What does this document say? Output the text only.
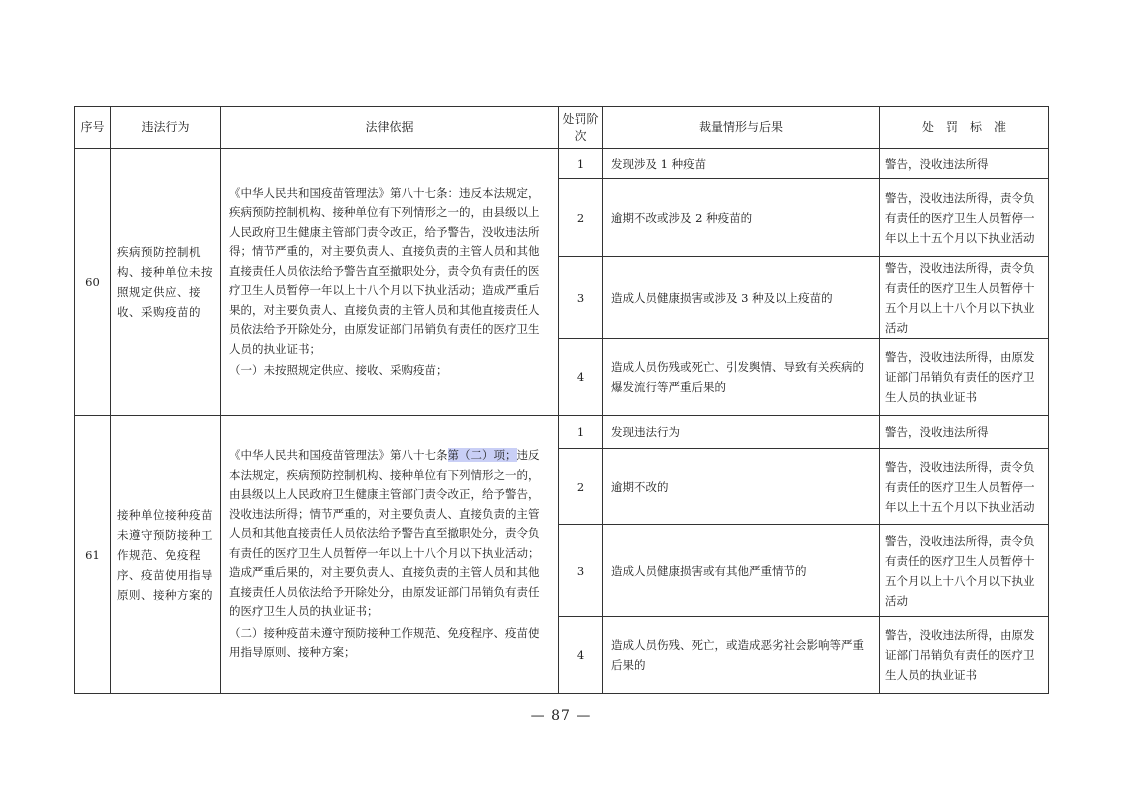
序号	违法行为	法律依据	处罚阶次	裁量情形与后果	处　罚　标　准
60	疾病预防控制机构、接种单位未按照规定供应、接收、采购疫苗的	《中华人民共和国疫苗管理法》第八十七条：违反本法规定，疾病预防控制机构、接种单位有下列情形之一的，由县级以上人民政府卫生健康主管部门责令改正，给予警告，没收违法所得；情节严重的，对主要负责人、直接负责的主管人员和其他直接责任人员依法给予警告直至撤职处分，责令负有责任的医疗卫生人员暂停一年以上十八个月以下执业活动；造成严重后果的，对主要负责人、直接负责的主管人员和其他直接责任人员依法给予开除处分，由原发证部门吊销负有责任的医疗卫生人员的执业证书；
（一）未按照规定供应、接收、采购疫苗；	1	发现涉及 1 种疫苗	警告，没收违法所得
			2	逾期不改或涉及 2 种疫苗的	警告，没收违法所得，责令负有责任的医疗卫生人员暂停一年以上十五个月以下执业活动
			3	造成人员健康损害或涉及 3 种及以上疫苗的	警告，没收违法所得，责令负有责任的医疗卫生人员暂停十五个月以上十八个月以下执业活动
			4	造成人员伤残或死亡、引发舆情、导致有关疾病的爆发流行等严重后果的	警告，没收违法所得，由原发证部门吊销负有责任的医疗卫生人员的执业证书
61	接种单位接种疫苗未遵守预防接种工作规范、免疫程序、疫苗使用指导原则、接种方案的	《中华人民共和国疫苗管理法》第八十七条第（二）项；违反本法规定，疾病预防控制机构、接种单位有下列情形之一的，由县级以上人民政府卫生健康主管部门责令改正，给予警告，没收违法所得；情节严重的，对主要负责人、直接负责的主管人员和其他直接责任人员依法给予警告直至撤职处分，责令负有责任的医疗卫生人员暂停一年以上十八个月以下执业活动；造成严重后果的，对主要负责人、直接负责的主管人员和其他直接责任人员依法给予开除处分，由原发证部门吊销负有责任的医疗卫生人员的执业证书；
（二）接种疫苗未遵守预防接种工作规范、免疫程序、疫苗使用指导原则、接种方案；	1	发现违法行为	警告，没收违法所得
			2	逾期不改的	警告，没收违法所得，责令负有责任的医疗卫生人员暂停一年以上十五个月以下执业活动
			3	造成人员健康损害或有其他严重情节的	警告，没收违法所得，责令负有责任的医疗卫生人员暂停十五个月以上十八个月以下执业活动
			4	造成人员伤残、死亡，或造成恶劣社会影响等严重后果的	警告，没收违法所得，由原发证部门吊销负有责任的医疗卫生人员的执业证书
— 87 —
